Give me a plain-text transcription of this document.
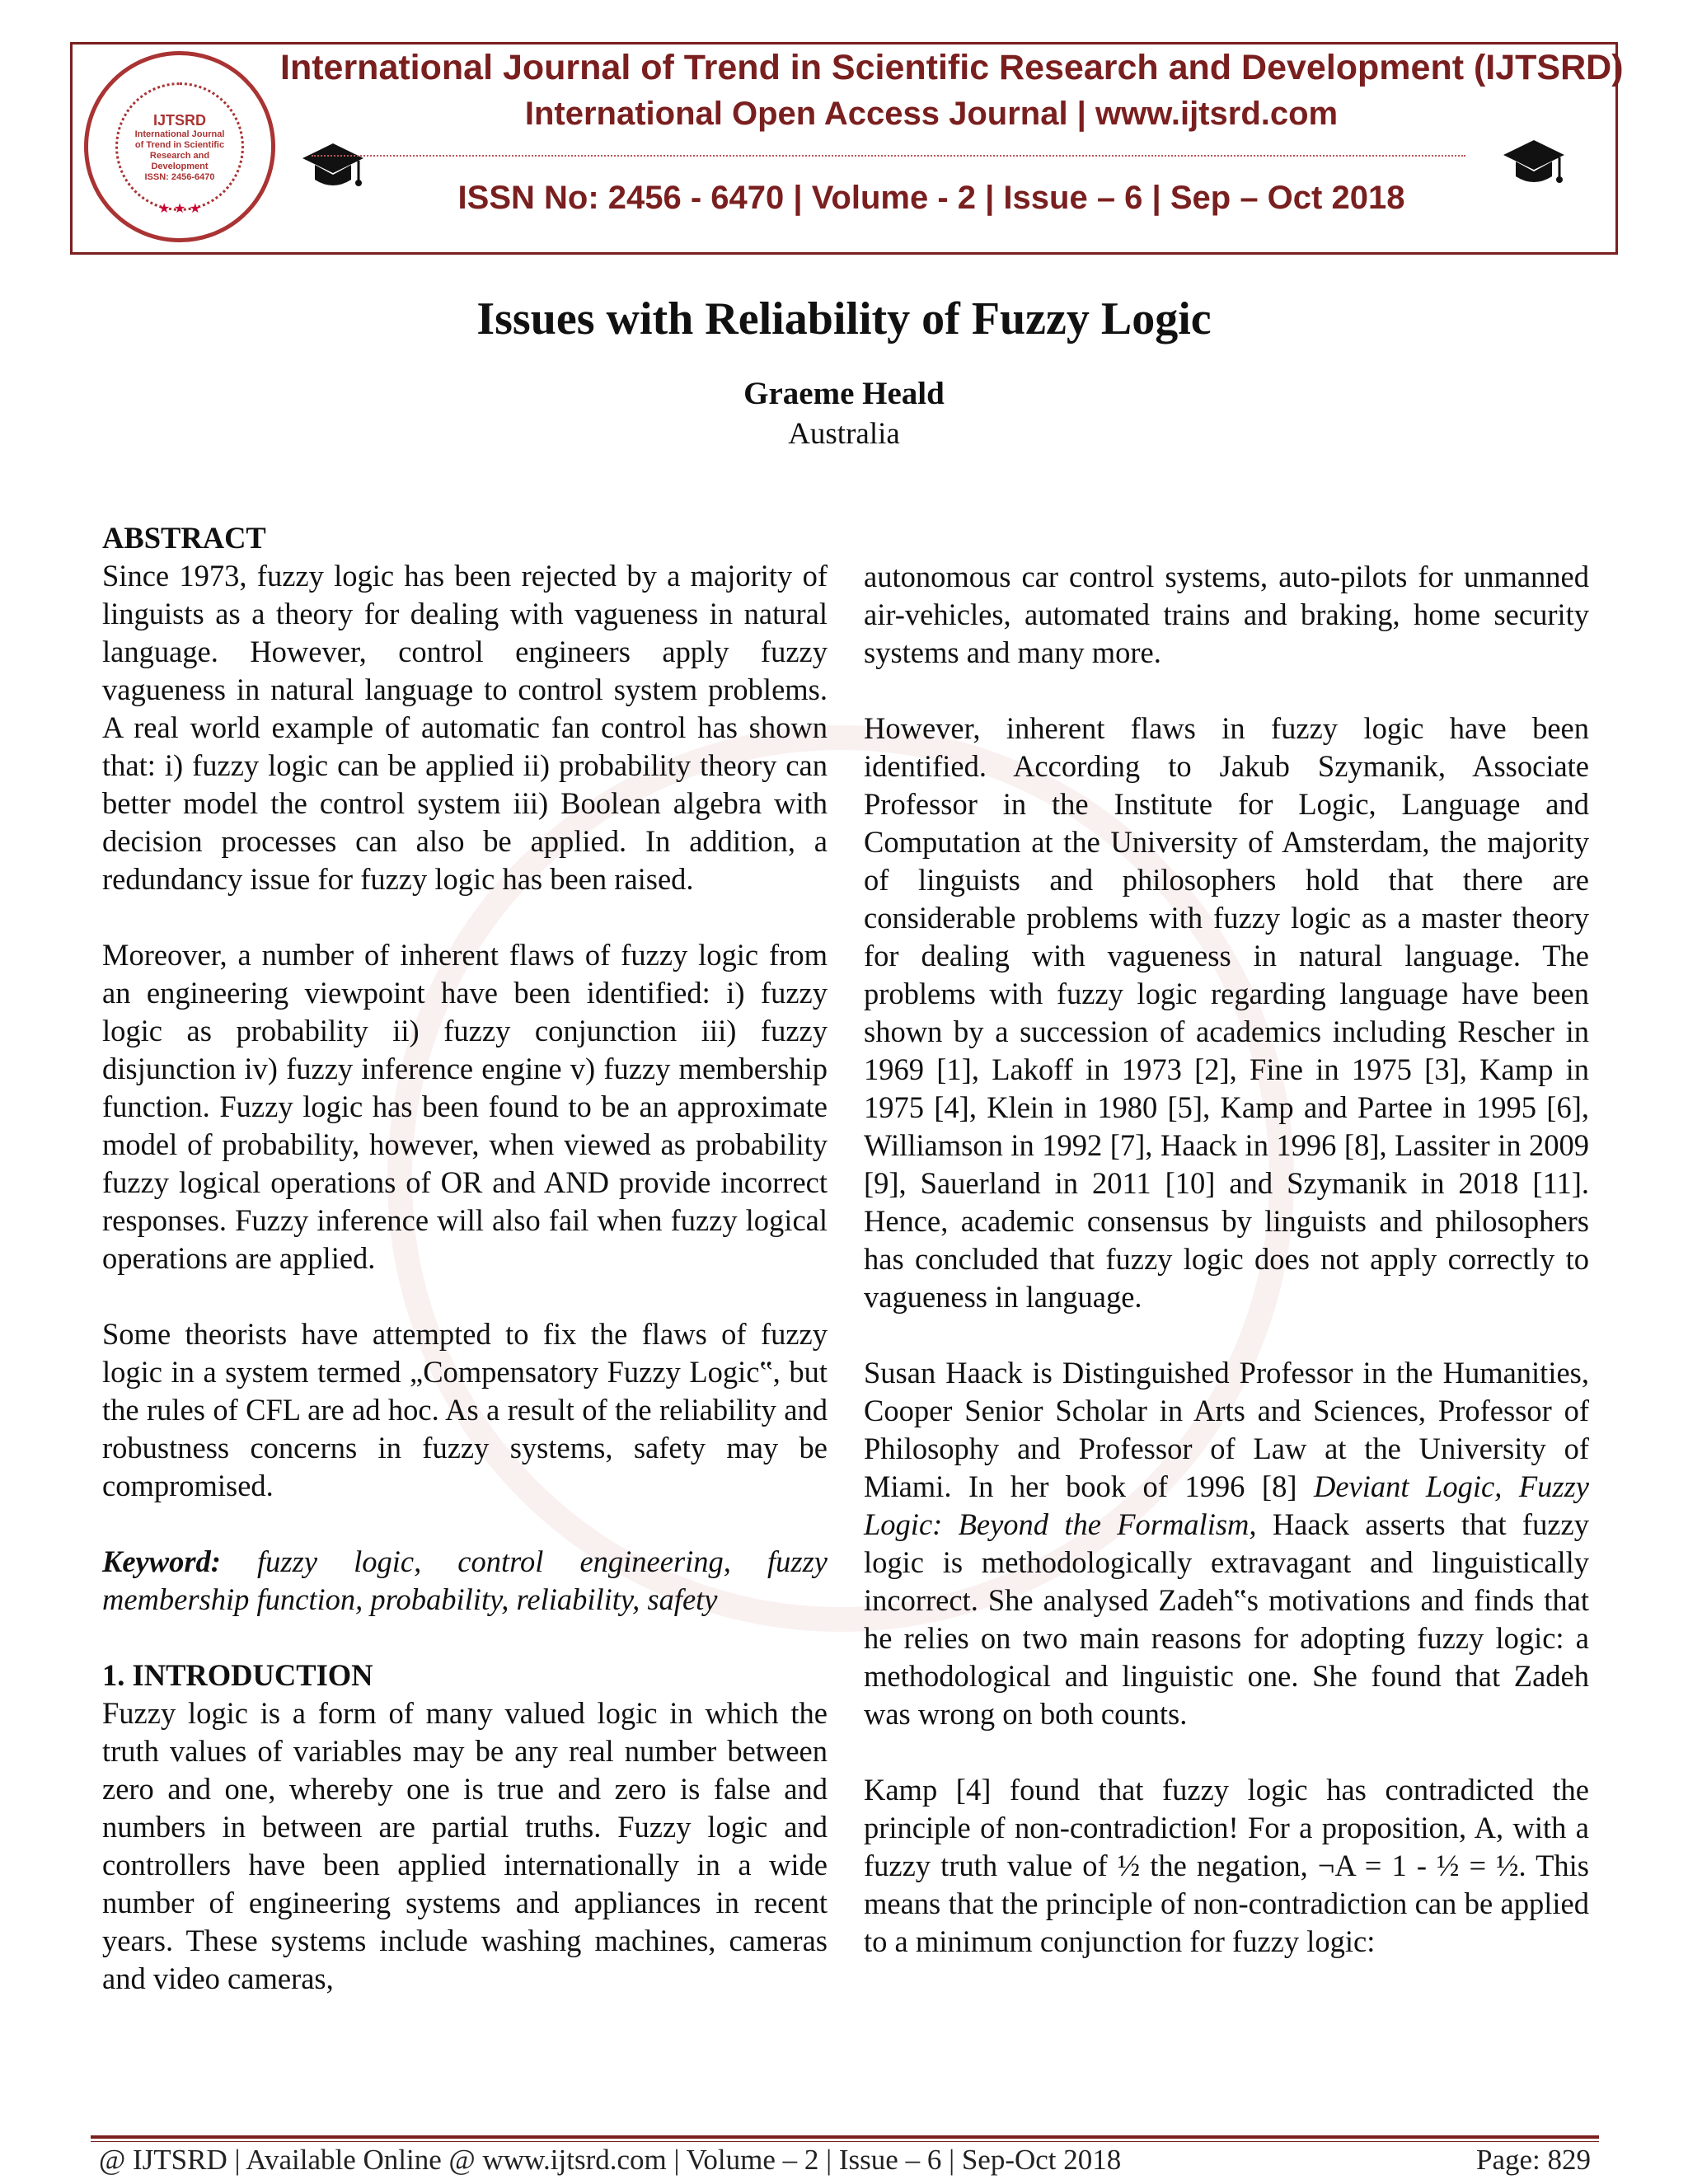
IJTSRD
International Journal
of Trend in Scientific
Research and
Development
ISSN: 2456-6470
★ ★ ★
International Journal of Trend in Scientific Research and Development (IJTSRD)
International Open Access Journal | www.ijtsrd.com
ISSN No: 2456 - 6470 | Volume - 2 | Issue – 6 | Sep – Oct 2018
Issues with Reliability of Fuzzy Logic
Graeme Heald
Australia
ABSTRACT

Since 1973, fuzzy logic has been rejected by a majority of linguists as a theory for dealing with vagueness in natural language. However, control engineers apply fuzzy vagueness in natural language to control system problems. A real world example of automatic fan control has shown that: i) fuzzy logic can be applied ii) probability theory can better model the control system iii) Boolean algebra with decision processes can also be applied. In addition, a redundancy issue for fuzzy logic has been raised.

Moreover, a number of inherent flaws of fuzzy logic from an engineering viewpoint have been identified: i) fuzzy logic as probability ii) fuzzy conjunction iii) fuzzy disjunction iv) fuzzy inference engine v) fuzzy membership function. Fuzzy logic has been found to be an approximate model of probability, however, when viewed as probability fuzzy logical operations of OR and AND provide incorrect responses. Fuzzy inference will also fail when fuzzy logical operations are applied.

Some theorists have attempted to fix the flaws of fuzzy logic in a system termed „Compensatory Fuzzy Logic‟, but the rules of CFL are ad hoc. As a result of the reliability and robustness concerns in fuzzy systems, safety may be compromised.

Keyword: fuzzy logic, control engineering, fuzzy membership function, probability, reliability, safety

1. INTRODUCTION

Fuzzy logic is a form of many valued logic in which the truth values of variables may be any real number between zero and one, whereby one is true and zero is false and numbers in between are partial truths. Fuzzy logic and controllers have been applied internationally in a wide number of engineering systems and appliances in recent years. These systems include washing machines, cameras and video cameras,

autonomous car control systems, auto-pilots for unmanned air-vehicles, automated trains and braking, home security systems and many more.

However, inherent flaws in fuzzy logic have been identified. According to Jakub Szymanik, Associate Professor in the Institute for Logic, Language and Computation at the University of Amsterdam, the majority of linguists and philosophers hold that there are considerable problems with fuzzy logic as a master theory for dealing with vagueness in natural language. The problems with fuzzy logic regarding language have been shown by a succession of academics including Rescher in 1969 [1], Lakoff in 1973 [2], Fine in 1975 [3], Kamp in 1975 [4], Klein in 1980 [5], Kamp and Partee in 1995 [6], Williamson in 1992 [7], Haack in 1996 [8], Lassiter in 2009 [9], Sauerland in 2011 [10] and Szymanik in 2018 [11]. Hence, academic consensus by linguists and philosophers has concluded that fuzzy logic does not apply correctly to vagueness in language.

Susan Haack is Distinguished Professor in the Humanities, Cooper Senior Scholar in Arts and Sciences, Professor of Philosophy and Professor of Law at the University of Miami. In her book of 1996 [8] Deviant Logic, Fuzzy Logic: Beyond the Formalism, Haack asserts that fuzzy logic is methodologically extravagant and linguistically incorrect. She analysed Zadeh‟s motivations and finds that he relies on two main reasons for adopting fuzzy logic: a methodological and linguistic one. She found that Zadeh was wrong on both counts.

Kamp [4] found that fuzzy logic has contradicted the principle of non-contradiction! For a proposition, A, with a fuzzy truth value of ½ the negation, ¬A = 1 - ½ = ½. This means that the principle of non-contradiction can be applied to a minimum conjunction for fuzzy logic:

@ IJTSRD | Available Online @ www.ijtsrd.com | Volume – 2 | Issue – 6 | Sep-Oct 2018	Page: 829
